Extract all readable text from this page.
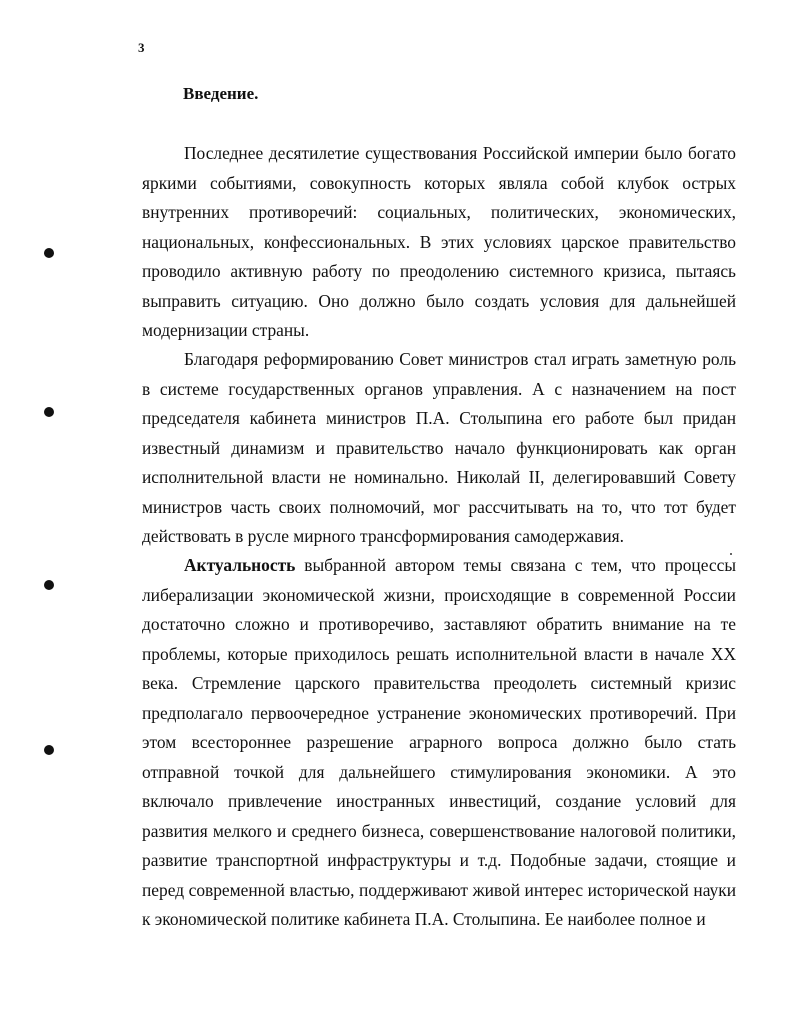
3
Введение.

Последнее десятилетие существования Российской империи было богато яркими событиями, совокупность которых являла собой клубок острых внутренних противоречий: социальных, политических, экономических, национальных, конфессиональных. В этих условиях царское правительство проводило активную работу по преодолению системного кризиса, пытаясь выправить ситуацию. Оно должно было создать условия для дальнейшей модернизации страны.

Благодаря реформированию Совет министров стал играть заметную роль в системе государственных органов управления. А с назначением на пост председателя кабинета министров П.А. Столыпина его работе был придан известный динамизм и правительство начало функционировать как орган исполнительной власти не номинально. Николай II, делегировавший Совету министров часть своих полномочий, мог рассчитывать на то, что тот будет действовать в русле мирного трансформирования самодержавия.

Актуальность выбранной автором темы связана с тем, что процессы либерализации экономической жизни, происходящие в современной России достаточно сложно и противоречиво, заставляют обратить внимание на те проблемы, которые приходилось решать исполнительной власти в начале XX века. Стремление царского правительства преодолеть системный кризис предполагало первоочередное устранение экономических противоречий. При этом всестороннее разрешение аграрного вопроса должно было стать отправной точкой для дальнейшего стимулирования экономики. А это включало привлечение иностранных инвестиций, создание условий для развития мелкого и среднего бизнеса, совершенствование налоговой политики, развитие транспортной инфраструктуры и т.д. Подобные задачи, стоящие и перед современной властью, поддерживают живой интерес исторической науки к экономической политике кабинета П.А. Столыпина. Ее наиболее полное и
